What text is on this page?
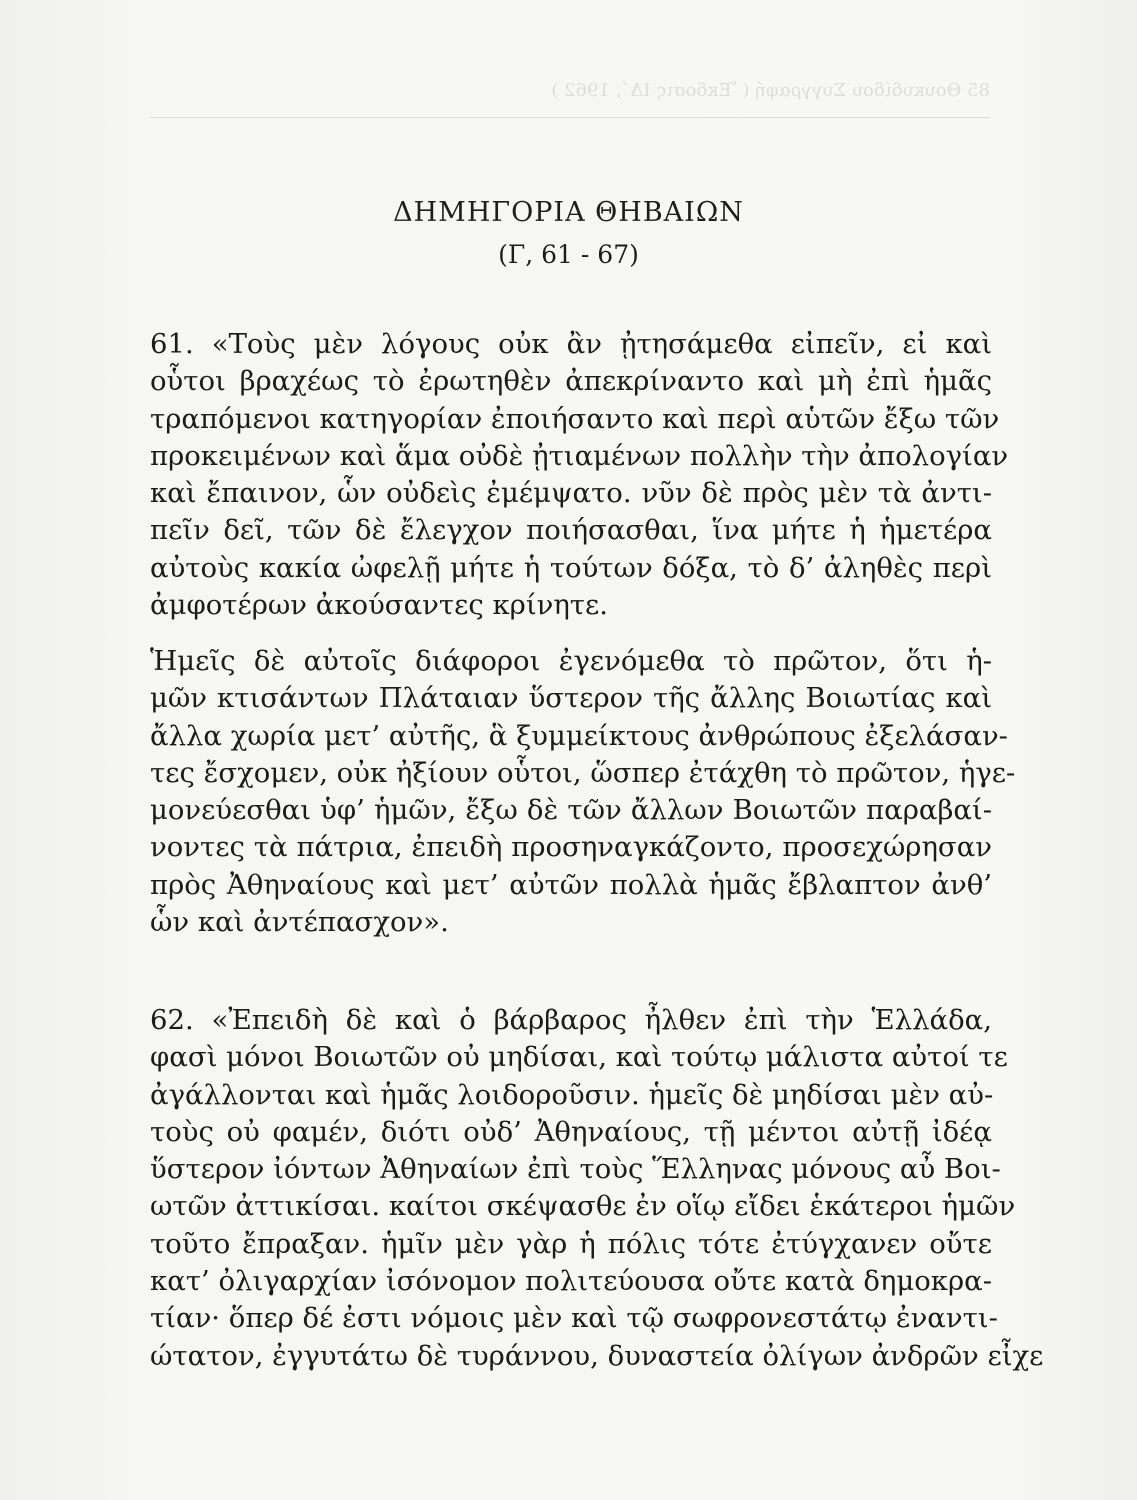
85 Θουκυδίδου Συγγραφή ( Ἔκδοσις ΙΔ΄, 1962 )
ΔΗΜΗΓΟΡΙΑ ΘΗΒΑΙΩΝ
(Γ, 61 - 67)
61. «Τοὺς μὲν λόγους οὐκ ἂν ᾐτησάμεθα εἰπεῖν, εἰ καὶ
οὗτοι βραχέως τὸ ἐρωτηθὲν ἀπεκρίναντο καὶ μὴ ἐπὶ ἡμᾶς
τραπόμενοι κατηγορίαν ἐποιήσαντο καὶ περὶ αὑτῶν ἔξω τῶν
προκειμένων καὶ ἅμα οὐδὲ ᾐτιαμένων πολλὴν τὴν ἀπολογίαν
καὶ ἔπαινον, ὧν οὐδεὶς ἐμέμψατο. νῦν δὲ πρὸς μὲν τὰ ἀντι-
πεῖν δεῖ, τῶν δὲ ἔλεγχον ποιήσασθαι, ἵνα μήτε ἡ ἡμετέρα
αὐτοὺς κακία ὠφελῇ μήτε ἡ τούτων δόξα, τὸ δ’ ἀληθὲς περὶ
ἀμφοτέρων ἀκούσαντες κρίνητε.
Ἡμεῖς δὲ αὐτοῖς διάφοροι ἐγενόμεθα τὸ πρῶτον, ὅτι ἡ-
μῶν κτισάντων Πλάταιαν ὕστερον τῆς ἄλλης Βοιωτίας καὶ
ἄλλα χωρία μετ’ αὐτῆς, ἃ ξυμμείκτους ἀνθρώπους ἐξελάσαν-
τες ἔσχομεν, οὐκ ἠξίουν οὗτοι, ὥσπερ ἐτάχθη τὸ πρῶτον, ἡγε-
μονεύεσθαι ὑφ’ ἡμῶν, ἔξω δὲ τῶν ἄλλων Βοιωτῶν παραβαί-
νοντες τὰ πάτρια, ἐπειδὴ προσηναγκάζοντο, προσεχώρησαν
πρὸς Ἀθηναίους καὶ μετ’ αὐτῶν πολλὰ ἡμᾶς ἔβλαπτον ἀνθ’
ὧν καὶ ἀντέπασχον».
62. «Ἐπειδὴ δὲ καὶ ὁ βάρβαρος ἦλθεν ἐπὶ τὴν Ἑλλάδα,
φασὶ μόνοι Βοιωτῶν οὐ μηδίσαι, καὶ τούτῳ μάλιστα αὐτοί τε
ἀγάλλονται καὶ ἡμᾶς λοιδοροῦσιν. ἡμεῖς δὲ μηδίσαι μὲν αὐ-
τοὺς οὐ φαμέν, διότι οὐδ’ Ἀθηναίους, τῇ μέντοι αὐτῇ ἰδέᾳ
ὕστερον ἰόντων Ἀθηναίων ἐπὶ τοὺς Ἕλληνας μόνους αὖ Βοι-
ωτῶν ἀττικίσαι. καίτοι σκέψασθε ἐν οἵῳ εἴδει ἑκάτεροι ἡμῶν
τοῦτο ἔπραξαν. ἡμῖν μὲν γὰρ ἡ πόλις τότε ἐτύγχανεν οὔτε
κατ’ ὀλιγαρχίαν ἰσόνομον πολιτεύουσα οὔτε κατὰ δημοκρα-
τίαν· ὅπερ δέ ἐστι νόμοις μὲν καὶ τῷ σωφρονεστάτῳ ἐναντι-
ώτατον, ἐγγυτάτω δὲ τυράννου, δυναστεία ὀλίγων ἀνδρῶν εἶχε
